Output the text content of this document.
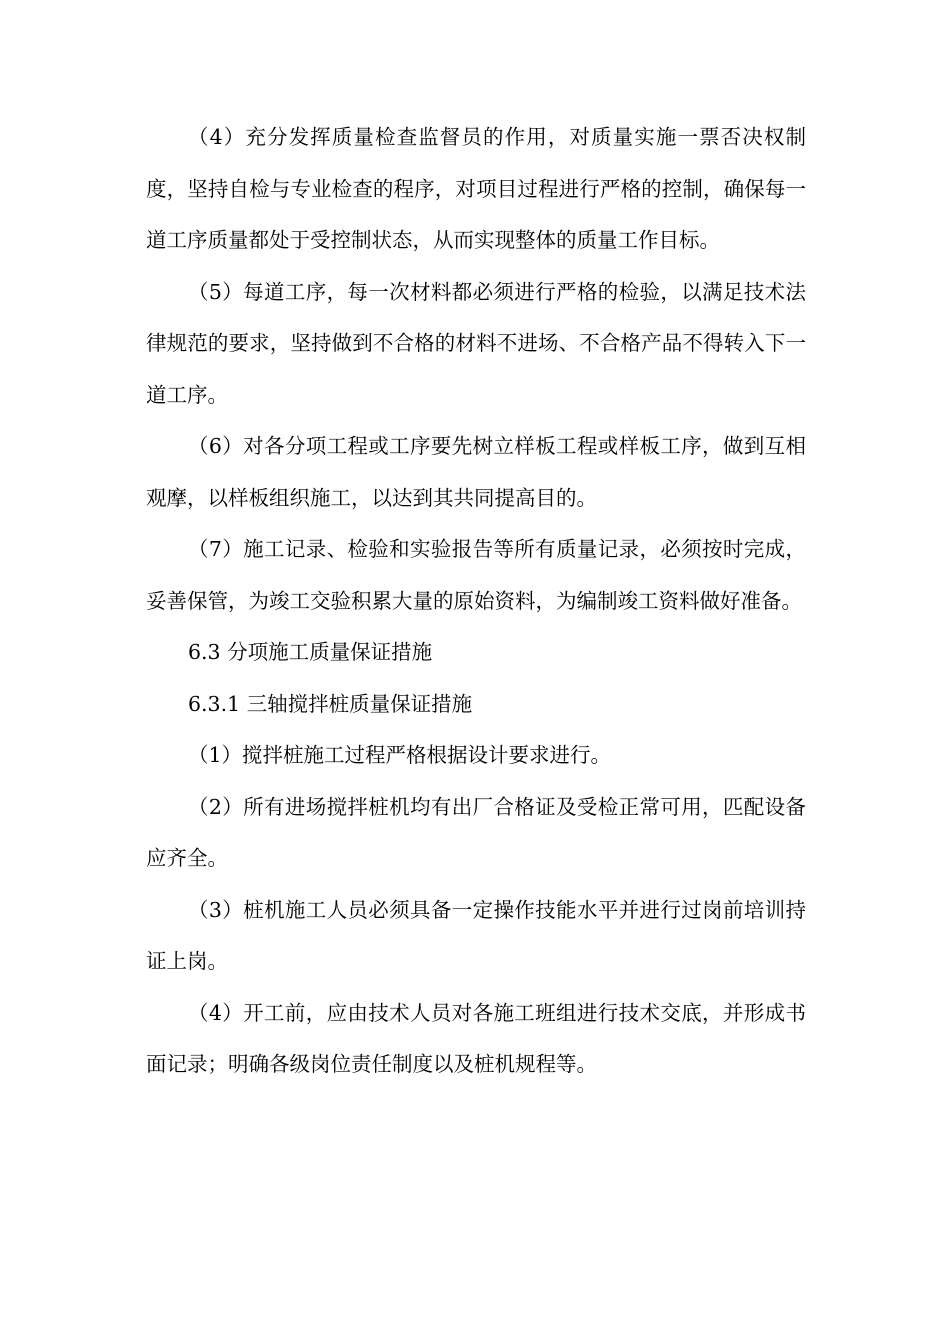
（4）充分发挥质量检查监督员的作用，对质量实施一票否决权制度，坚持自检与专业检查的程序，对项目过程进行严格的控制，确保每一道工序质量都处于受控制状态，从而实现整体的质量工作目标。

（5）每道工序，每一次材料都必须进行严格的检验，以满足技术法律规范的要求，坚持做到不合格的材料不进场、不合格产品不得转入下一道工序。

（6）对各分项工程或工序要先树立样板工程或样板工序，做到互相观摩，以样板组织施工，以达到其共同提高目的。

（7）施工记录、检验和实验报告等所有质量记录，必须按时完成，妥善保管，为竣工交验积累大量的原始资料，为编制竣工资料做好准备。

6.3 分项施工质量保证措施

6.3.1 三轴搅拌桩质量保证措施

（1）搅拌桩施工过程严格根据设计要求进行。

（2）所有进场搅拌桩机均有出厂合格证及受检正常可用，匹配设备应齐全。

（3）桩机施工人员必须具备一定操作技能水平并进行过岗前培训持证上岗。

（4）开工前，应由技术人员对各施工班组进行技术交底，并形成书面记录；明确各级岗位责任制度以及桩机规程等。
